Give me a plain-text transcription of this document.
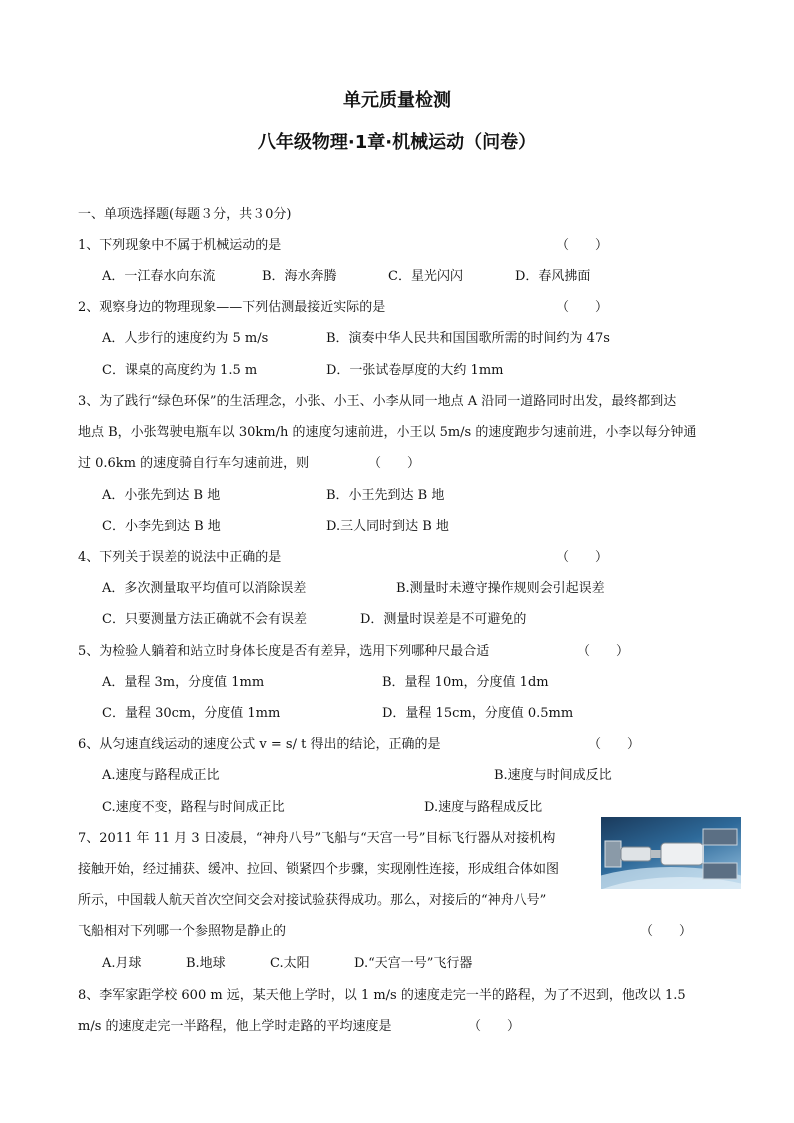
单元质量检测
八年级物理·1章·机械运动（问卷）
一、单项选择题(每题３分，共３0分)
1、下列现象中不属于机械运动的是	（　　）
A．一江春水向东流	B．海水奔腾	C．星光闪闪	D．春风拂面
2、观察身边的物理现象——下列估测最接近实际的是	（　　）
A．人步行的速度约为 5 m/s	B．演奏中华人民共和国国歌所需的时间约为 47s
C．课桌的高度约为 1.5 m	D．一张试卷厚度的大约 1mm
3、为了践行“绿色环保”的生活理念，小张、小王、小李从同一地点 A 沿同一道路同时出发，最终都到达
地点 B，小张驾驶电瓶车以 30km/h 的速度匀速前进，小王以 5m/s 的速度跑步匀速前进，小李以每分钟通
过 0.6km 的速度骑自行车匀速前进，则	（　　）
A．小张先到达 B 地	B．小王先到达 B 地
C．小李先到达 B 地	D.三人同时到达 B 地
4、下列关于误差的说法中正确的是	（　　）
A．多次测量取平均值可以消除误差	B.测量时未遵守操作规则会引起误差
C．只要测量方法正确就不会有误差	D．测量时误差是不可避免的
5、为检验人躺着和站立时身体长度是否有差异，选用下列哪种尺最合适	（　　）
A．量程 3m，分度值 1mm	B．量程 10m，分度值 1dm
C．量程 30cm，分度值 1mm	D．量程 15cm，分度值 0.5mm
6、从匀速直线运动的速度公式 v = s/ t 得出的结论，正确的是	（　　）
A.速度与路程成正比	B.速度与时间成反比
C.速度不变，路程与时间成正比	D.速度与路程成反比
7、2011 年 11 月 3 日凌晨，“神舟八号”飞船与“天宫一号”目标飞行器从对接机构
接触开始，经过捕获、缓冲、拉回、锁紧四个步骤，实现刚性连接，形成组合体如图
所示，中国载人航天首次空间交会对接试验获得成功。那么，对接后的“神舟八号”
飞船相对下列哪一个参照物是静止的	（　　）
A.月球	B.地球	C.太阳	D.“天宫一号”飞行器
8、李军家距学校 600 m 远，某天他上学时，以 1 m/s 的速度走完一半的路程，为了不迟到，他改以 1.5
m/s 的速度走完一半路程，他上学时走路的平均速度是	（　　）
